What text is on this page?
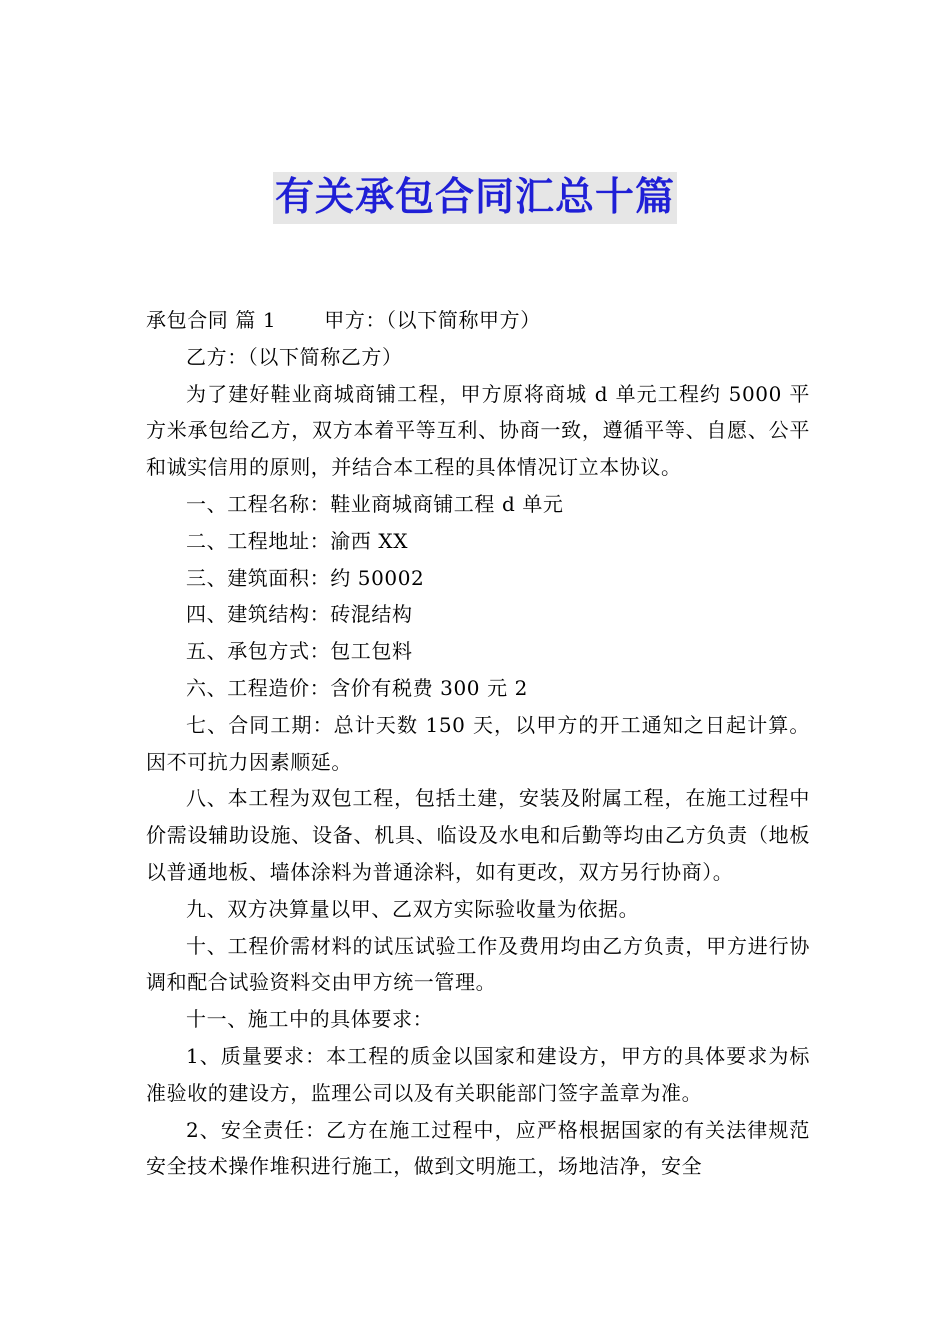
有关承包合同汇总十篇

承包合同 篇 1 甲方：（以下简称甲方）

乙方：（以下简称乙方）

为了建好鞋业商城商铺工程，甲方原将商城 d 单元工程约 5000 平方米承包给乙方，双方本着平等互利、协商一致，遵循平等、自愿、公平和诚实信用的原则，并结合本工程的具体情况订立本协议。

一、工程名称：鞋业商城商铺工程 d 单元

二、工程地址：渝西 XX

三、建筑面积：约 50002

四、建筑结构：砖混结构

五、承包方式：包工包料

六、工程造价：含价有税费 300 元 2

七、合同工期：总计天数 150 天，以甲方的开工通知之日起计算。因不可抗力因素顺延。

八、本工程为双包工程，包括土建，安装及附属工程，在施工过程中价需设辅助设施、设备、机具、临设及水电和后勤等均由乙方负责（地板以普通地板、墙体涂料为普通涂料，如有更改，双方另行协商）。

九、双方决算量以甲、乙双方实际验收量为依据。

十、工程价需材料的试压试验工作及费用均由乙方负责，甲方进行协调和配合试验资料交由甲方统一管理。

十一、施工中的具体要求：

1、质量要求：本工程的质金以国家和建设方，甲方的具体要求为标准验收的建设方，监理公司以及有关职能部门签字盖章为准。

2、安全责任：乙方在施工过程中，应严格根据国家的有关法律规范安全技术操作堆积进行施工，做到文明施工，场地洁净，安全
